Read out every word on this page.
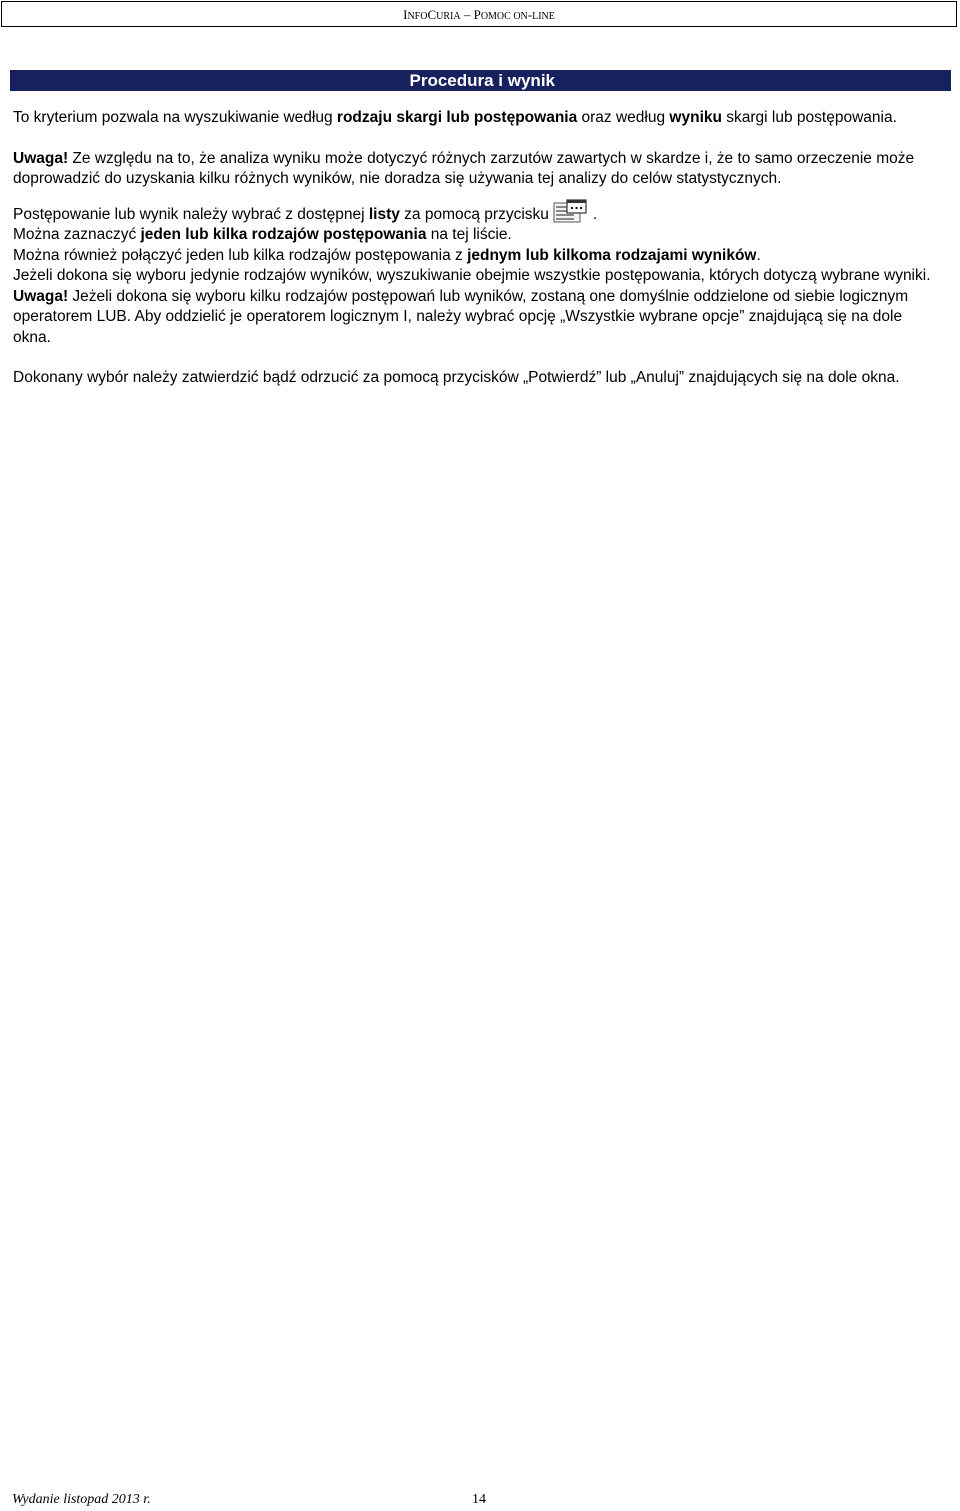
INFOCURIA – POMOC ON-LINE
Procedura i wynik

To kryterium pozwala na wyszukiwanie według rodzaju skargi lub postępowania oraz według wyniku skargi lub postępowania.

Uwaga! Ze względu na to, że analiza wyniku może dotyczyć różnych zarzutów zawartych w skardze i, że to samo orzeczenie może doprowadzić do uzyskania kilku różnych wyników, nie doradza się używania tej analizy do celów statystycznych.

Postępowanie lub wynik należy wybrać z dostępnej listy za pomocą przycisku	.

Można zaznaczyć jeden lub kilka rodzajów postępowania na tej liście.

Można również połączyć jeden lub kilka rodzajów postępowania z jednym lub kilkoma rodzajami wyników.

Jeżeli dokona się wyboru jedynie rodzajów wyników, wyszukiwanie obejmie wszystkie postępowania, których dotyczą wybrane wyniki.

Uwaga! Jeżeli dokona się wyboru kilku rodzajów postępowań lub wyników, zostaną one domyślnie oddzielone od siebie logicznym operatorem LUB. Aby oddzielić je operatorem logicznym I, należy wybrać opcję „Wszystkie wybrane opcje” znajdującą się na dole okna.

Dokonany wybór należy zatwierdzić bądź odrzucić za pomocą przycisków „Potwierdź” lub „Anuluj” znajdujących się na dole okna.

Wydanie listopad 2013 r.	14
